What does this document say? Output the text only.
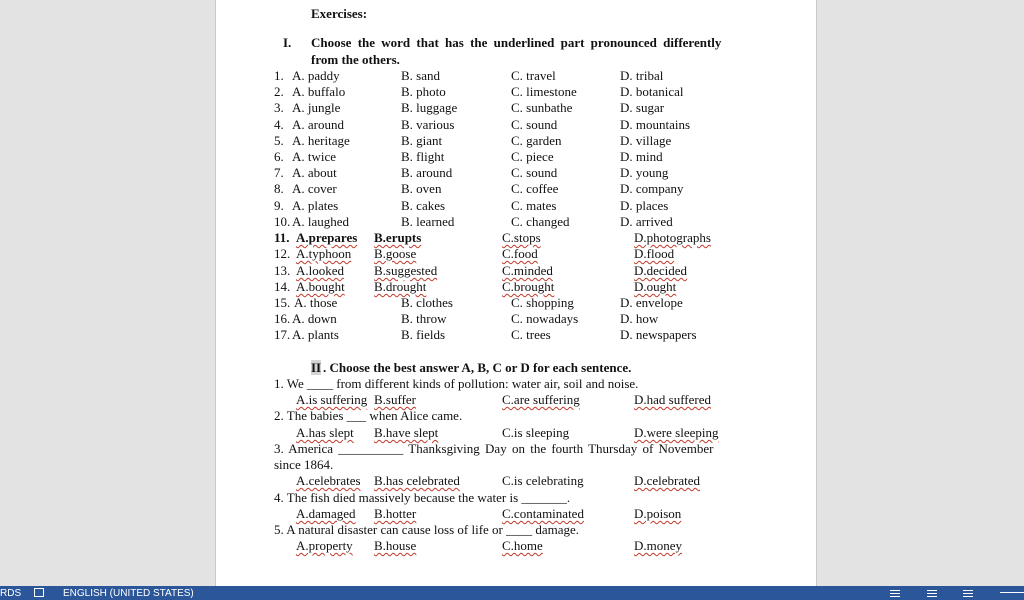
Exercises:
I. Choose the word that has the underlined part pronounced differently
from the others.
1. A. paddy	B. sand	C. travel	D. tribal
2. A. buffalo	B. photo	C. limestone	D. botanical
3. A. jungle	B. luggage	C. sunbathe	D. sugar
4. A. around	B. various	C. sound	D. mountains
5. A. heritage	B. giant	C. garden	D. village
6. A. twice	B. flight	C. piece	D. mind
7. A. about	B. around	C. sound	D. young
8. A. cover	B. oven	C. coffee	D. company
9. A. plates	B. cakes	C. mates	D. places
10. A. laughed	B. learned	C. changed	D. arrived
11. A.prepares B.erupts	C.stops	D.photographs
12. A.typhoon B.goose	C.food	D.flood
13. A.looked B.suggested	C.minded	D.decided
14. A.bought B.drought	C.brought	D.ought
15. A. those	B. clothes	C. shopping	D. envelope
16. A. down	B. throw	C. nowadays	D. how
17. A. plants	B. fields	C. trees	D. newspapers
II . Choose the best answer A, B, C or D for each sentence.
1. We ____ from different kinds of pollution: water air, soil and noise.
A.is suffering B.suffer	C.are suffering	D.had suffered
2. The babies ___ when Alice came.
A.has slept B.have slept	C.is sleeping	D.were sleeping
3. America __________ Thanksgiving Day on the fourth Thursday of November
since 1864.
A.celebrates B.has celebrated	C.is celebrating	D.celebrated
4. The fish died massively because the water is _______.
A.damaged B.hotter	C.contaminated	D.poison
5. A natural disaster can cause loss of life or ____ damage.
A.property B.house	C.home	D.money
RDS	ENGLISH (UNITED STATES)
